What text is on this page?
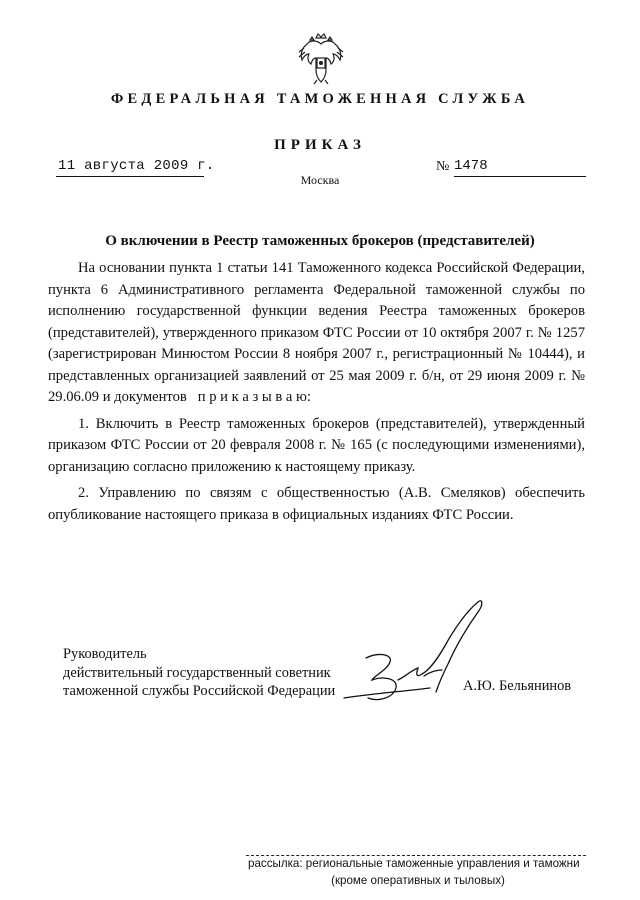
ФЕДЕРАЛЬНАЯ ТАМОЖЕННАЯ СЛУЖБА
ПРИКАЗ
11 августа 2009 г.	№ 1478
Москва
О включении в Реестр таможенных брокеров (представителей)

На основании пункта 1 статьи 141 Таможенного кодекса Российской Федерации, пункта 6 Административного регламента Федеральной таможенной службы по исполнению государственной функции ведения Реестра таможенных брокеров (представителей), утвержденного приказом ФТС России от 10 октября 2007 г. № 1257 (зарегистрирован Минюстом России 8 ноября 2007 г., регистрационный № 10444), и представленных организацией заявлений от 25 мая 2009 г. б/н, от 29 июня 2009 г. № 29.06.09 и документов п р и к а з ы в а ю:

1. Включить в Реестр таможенных брокеров (представителей), утвержденный приказом ФТС России от 20 февраля 2008 г. № 165 (с последующими изменениями), организацию согласно приложению к настоящему приказу.

2. Управлению по связям с общественностью (А.В. Смеляков) обеспечить опубликование настоящего приказа в официальных изданиях ФТС России.

Руководитель
действительный государственный советник
таможенной службы Российской Федерации	А.Ю. Бельянинов
рассылка: региональные таможенные управления и таможни
(кроме оперативных и тыловых)
